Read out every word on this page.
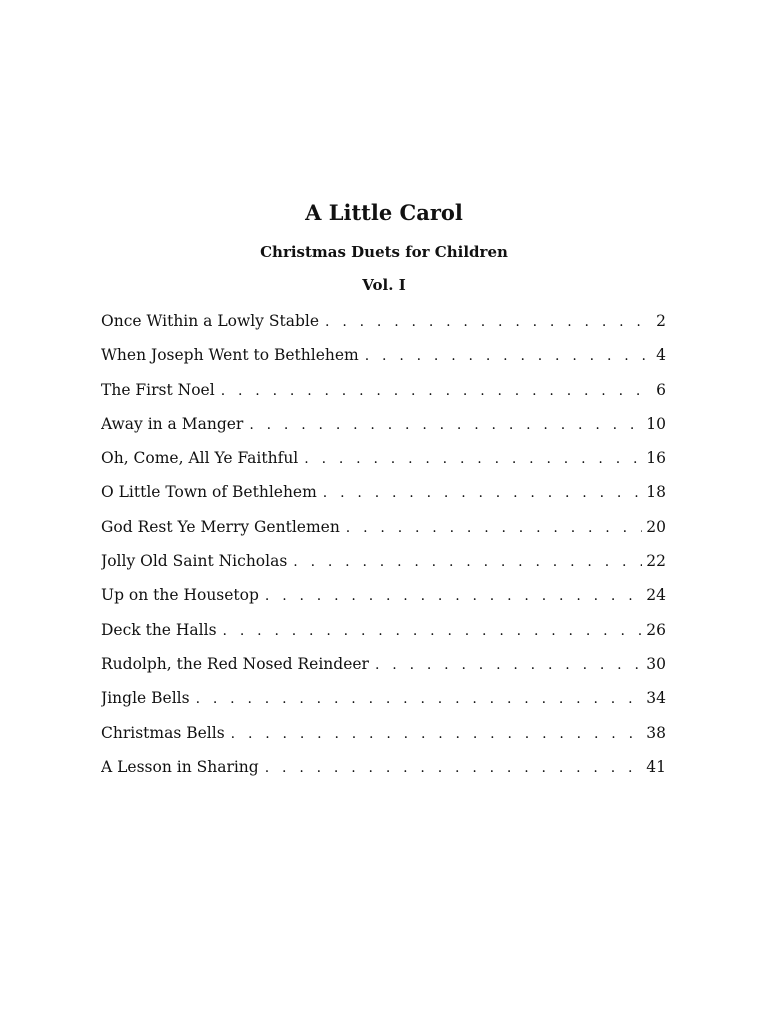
A Little Carol
Christmas Duets for Children
Vol. I
Once Within a Lowly Stable . . .	2
When Joseph Went to Bethlehem . . .	4
The First Noel . . .	6
Away in a Manger . . .	10
Oh, Come, All Ye Faithful . . .	16
O Little Town of Bethlehem . . .	18
God Rest Ye Merry Gentlemen . . .	20
Jolly Old Saint Nicholas . . .	22
Up on the Housetop . . .	24
Deck the Halls . . .	26
Rudolph, the Red Nosed Reindeer . . .	30
Jingle Bells . . .	34
Christmas Bells . . .	38
A Lesson in Sharing . . .	41
